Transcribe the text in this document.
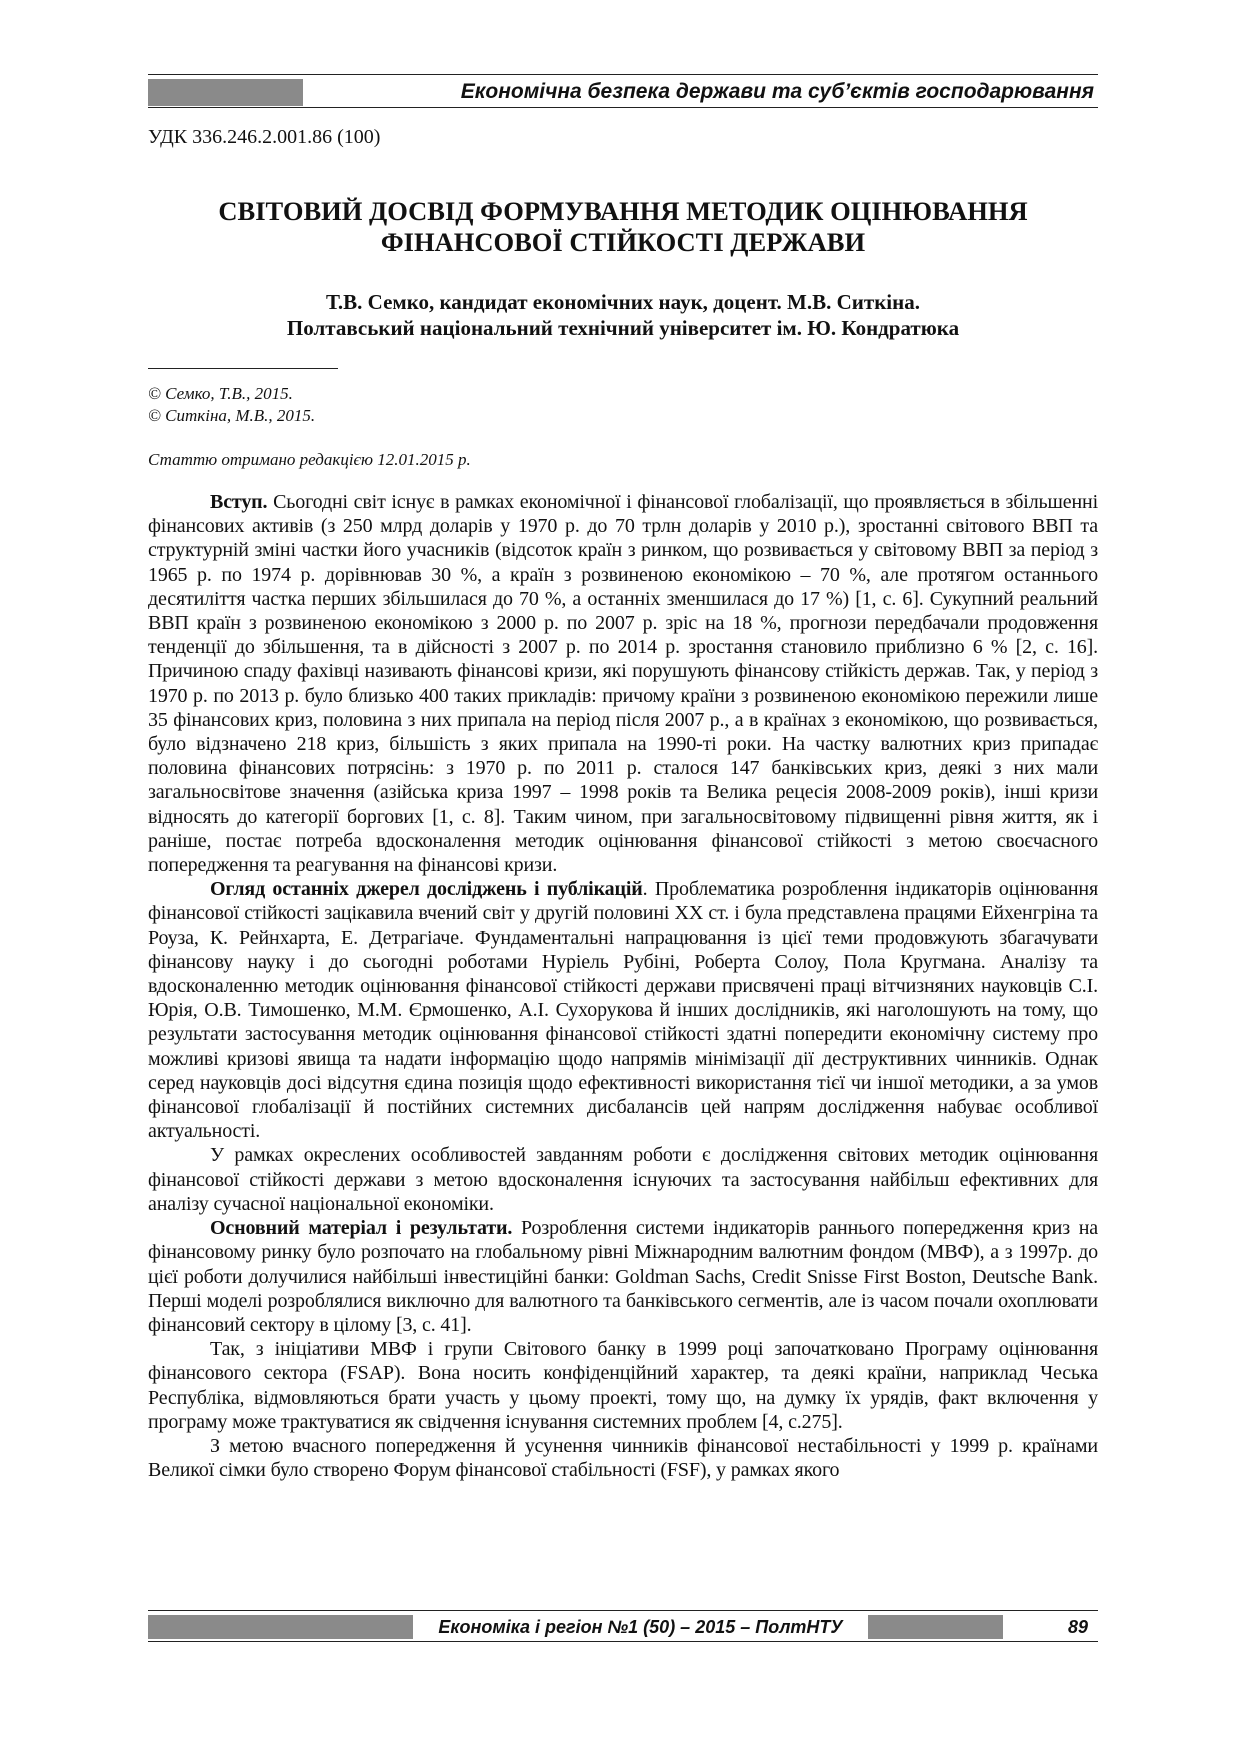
Економічна безпека держави та суб’єктів господарювання
УДК 336.246.2.001.86 (100)
СВІТОВИЙ ДОСВІД ФОРМУВАННЯ МЕТОДИК ОЦІНЮВАННЯ
ФІНАНСОВОЇ СТІЙКОСТІ ДЕРЖАВИ
Т.В. Семко, кандидат економічних наук, доцент. М.В. Ситкіна.
Полтавський національний технічний університет ім. Ю. Кондратюка
© Семко, Т.В., 2015.
© Ситкіна, М.В., 2015.
Статтю отримано редакцією 12.01.2015 р.

Вступ. Сьогодні світ існує в рамках економічної і фінансової глобалізації, що проявляється в збільшенні фінансових активів (з 250 млрд доларів у 1970 р. до 70 трлн доларів у 2010 р.), зростанні світового ВВП та структурній зміні частки його учасників (відсоток країн з ринком, що розвивається у світовому ВВП за період з 1965 р. по 1974 р. дорівнював 30 %, а країн з розвиненою економікою – 70 %, але протягом останнього десятиліття частка перших збільшилася до 70 %, а останніх зменшилася до 17 %) [1, с. 6]. Сукупний реальний ВВП країн з розвиненою економікою з 2000 р. по 2007 р. зріс на 18 %, прогнози передбачали продовження тенденції до збільшення, та в дійсності з 2007 р. по 2014 р. зростання становило приблизно 6 % [2, с. 16]. Причиною спаду фахівці називають фінансові кризи, які порушують фінансову стійкість держав. Так, у період з 1970 р. по 2013 р. було близько 400 таких прикладів: причому країни з розвиненою економікою пережили лише 35 фінансових криз, половина з них припала на період після 2007 р., а в країнах з економікою, що розвивається, було відзначено 218 криз, більшість з яких припала на 1990-ті роки. На частку валютних криз припадає половина фінансових потрясінь: з 1970 р. по 2011 р. сталося 147 банківських криз, деякі з них мали загальносвітове значення (азійська криза 1997 – 1998 років та Велика рецесія 2008-2009 років), інші кризи відносять до категорії боргових [1, с. 8]. Таким чином, при загальносвітовому підвищенні рівня життя, як і раніше, постає потреба вдосконалення методик оцінювання фінансової стійкості з метою своєчасного попередження та реагування на фінансові кризи.

Огляд останніх джерел досліджень і публікацій. Проблематика розроблення індикаторів оцінювання фінансової стійкості зацікавила вчений світ у другій половині XX ст. і була представлена працями Ейхенгріна та Роуза, К. Рейнхарта, Е. Детрагіаче. Фундаментальні напрацювання із цієї теми продовжують збагачувати фінансову науку і до сьогодні роботами Нуріель Рубіні, Роберта Солоу, Пола Кругмана. Аналізу та вдосконаленню методик оцінювання фінансової стійкості держави присвячені праці вітчизняних науковців С.І. Юрія, О.В. Тимошенко, М.М. Єрмошенко, А.І. Сухорукова й інших дослідників, які наголошують на тому, що результати застосування методик оцінювання фінансової стійкості здатні попередити економічну систему про можливі кризові явища та надати інформацію щодо напрямів мінімізації дії деструктивних чинників. Однак серед науковців досі відсутня єдина позиція щодо ефективності використання тієї чи іншої методики, а за умов фінансової глобалізації й постійних системних дисбалансів цей напрям дослідження набуває особливої актуальності.

У рамках окреслених особливостей завданням роботи є дослідження світових методик оцінювання фінансової стійкості держави з метою вдосконалення існуючих та застосування найбільш ефективних для аналізу сучасної національної економіки.

Основний матеріал і результати. Розроблення системи індикаторів раннього попередження криз на фінансовому ринку було розпочато на глобальному рівні Міжнародним валютним фондом (МВФ), а з 1997р. до цієї роботи долучилися найбільші інвестиційні банки: Goldman Sachs, Credit Snisse First Boston, Deutsche Bank. Перші моделі розроблялися виключно для валютного та банківського сегментів, але із часом почали охоплювати фінансовий сектору в цілому [3, с. 41].

Так, з ініціативи МВФ і групи Світового банку в 1999 році започатковано Програму оцінювання фінансового сектора (FSAP). Вона носить конфіденційний характер, та деякі країни, наприклад Чеська Республіка, відмовляються брати участь у цьому проекті, тому що, на думку їх урядів, факт включення у програму може трактуватися як свідчення існування системних проблем [4, с.275].

З метою вчасного попередження й усунення чинників фінансової нестабільності у 1999 р. країнами Великої сімки було створено Форум фінансової стабільності (FSF), у рамках якого

Економіка і регіон №1 (50) – 2015 – ПолтНТУ	89
